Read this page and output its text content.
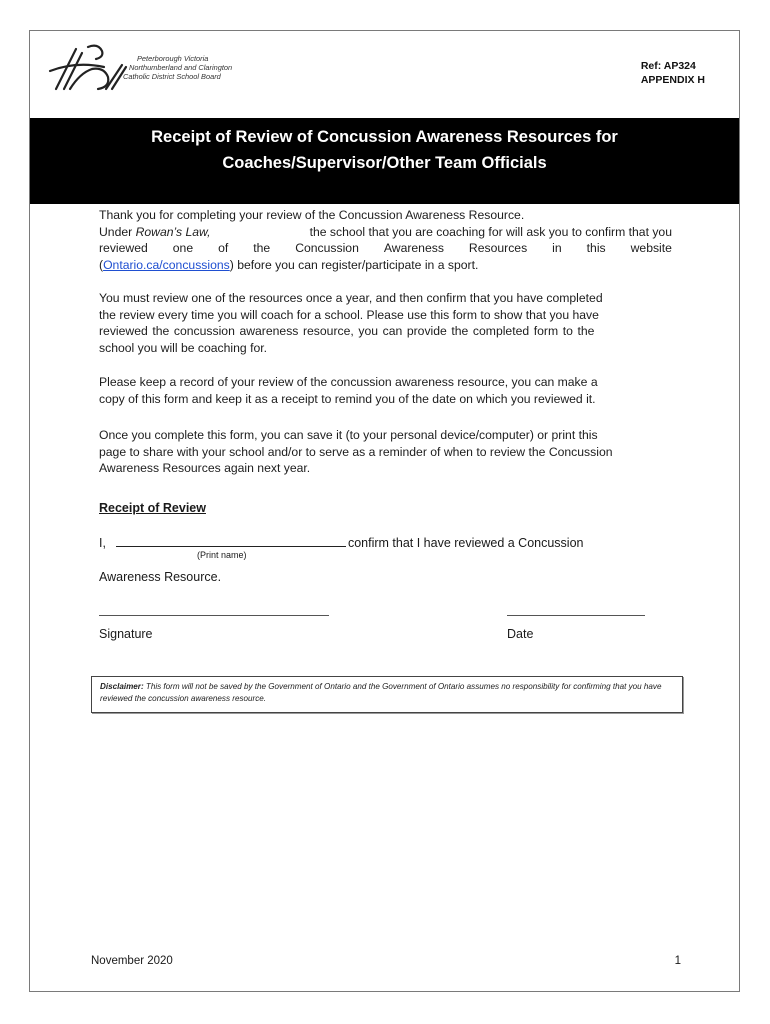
Peterborough Victoria
Northumberland and Clarington
Catholic District School Board
Ref: AP324
APPENDIX H
Receipt of Review of Concussion Awareness Resources for
Coaches/Supervisor/Other Team Officials
Thank you for completing your review of the Concussion Awareness Resource.
Under Rowan’s Law,	the school that you are coaching for will ask you to confirm that you
reviewed one of the Concussion Awareness Resources in this website
(Ontario.ca/concussions) before you can register/participate in a sport.
You must review one of the resources once a year, and then confirm that you have completed
the review every time you will coach for a school. Please use this form to show that you have
reviewed the concussion awareness resource, you can provide the completed form to the
school you will be coaching for.
Please keep a record of your review of the concussion awareness resource, you can make a
copy of this form and keep it as a receipt to remind you of the date on which you reviewed it.
Once you complete this form, you can save it (to your personal device/computer) or print this
page to share with your school and/or to serve as a reminder of when to review the Concussion
Awareness Resources again next year.
Receipt of Review
I,	confirm that I have reviewed a Concussion
(Print name)
Awareness Resource.
Signature	Date
Disclaimer: This form will not be saved by the Government of Ontario and the Government of Ontario assumes no responsibility for confirming that you have reviewed the concussion awareness resource.
November 2020	1
